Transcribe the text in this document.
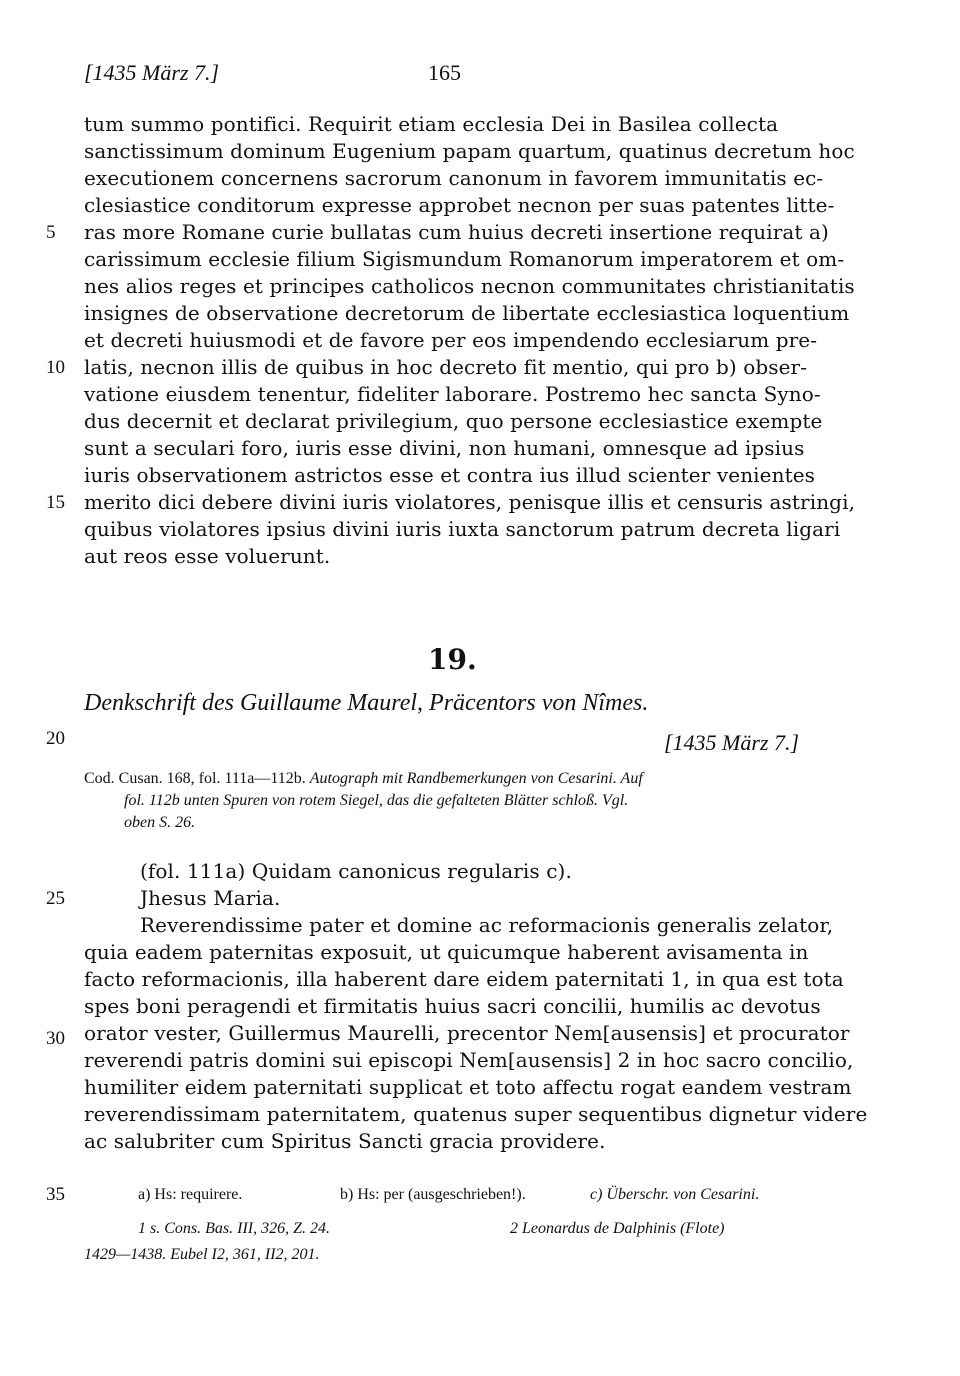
[1435 März 7.]	165
tum summo pontifici. Requirit etiam ecclesia Dei in Basilea collecta
sanctissimum dominum Eugenium papam quartum, quatinus decretum hoc
executionem concernens sacrorum canonum in favorem immunitatis ec-
clesiastice conditorum expresse approbet necnon per suas patentes litte-
ras more Romane curie bullatas cum huius decreti insertione requirat a)
carissimum ecclesie filium Sigismundum Romanorum imperatorem et om-
nes alios reges et principes catholicos necnon communitates christianitatis
insignes de observatione decretorum de libertate ecclesiastica loquentium
et decreti huiusmodi et de favore per eos impendendo ecclesiarum pre-
latis, necnon illis de quibus in hoc decreto fit mentio, qui pro b) obser-
vatione eiusdem tenentur, fideliter laborare. Postremo hec sancta Syno-
dus decernit et declarat privilegium, quo persone ecclesiastice exempte
sunt a seculari foro, iuris esse divini, non humani, omnesque ad ipsius
iuris observationem astrictos esse et contra ius illud scienter venientes
merito dici debere divini iuris violatores, penisque illis et censuris astringi,
quibus violatores ipsius divini iuris iuxta sanctorum patrum decreta ligari
aut reos esse voluerunt.
5
10
15
20
25
30
35
19.
Denkschrift des Guillaume Maurel, Präcentors von Nîmes.
[1435 März 7.]
Cod. Cusan. 168, fol. 111a—112b. Autograph mit Randbemerkungen von Cesarini. Auf
fol. 112b unten Spuren von rotem Siegel, das die gefalteten Blätter schloß. Vgl.
oben S. 26.
(fol. 111a) Quidam canonicus regularis c).
Jhesus Maria.
Reverendissime pater et domine ac reformacionis generalis zelator,
quia eadem paternitas exposuit, ut quicumque haberent avisamenta in
facto reformacionis, illa haberent dare eidem paternitati 1, in qua est tota
spes boni peragendi et firmitatis huius sacri concilii, humilis ac devotus
orator vester, Guillermus Maurelli, precentor Nem[ausensis] et procurator
reverendi patris domini sui episcopi Nem[ausensis] 2 in hoc sacro concilio,
humiliter eidem paternitati supplicat et toto affectu rogat eandem vestram
reverendissimam paternitatem, quatenus super sequentibus dignetur videre
ac salubriter cum Spiritus Sancti gracia providere.
a) Hs: requirere.	b) Hs: per (ausgeschrieben!).	c) Überschr. von Cesarini.
1 s. Cons. Bas. III, 326, Z. 24.	2 Leonardus de Dalphinis (Flote)
1429—1438. Eubel I2, 361, II2, 201.
